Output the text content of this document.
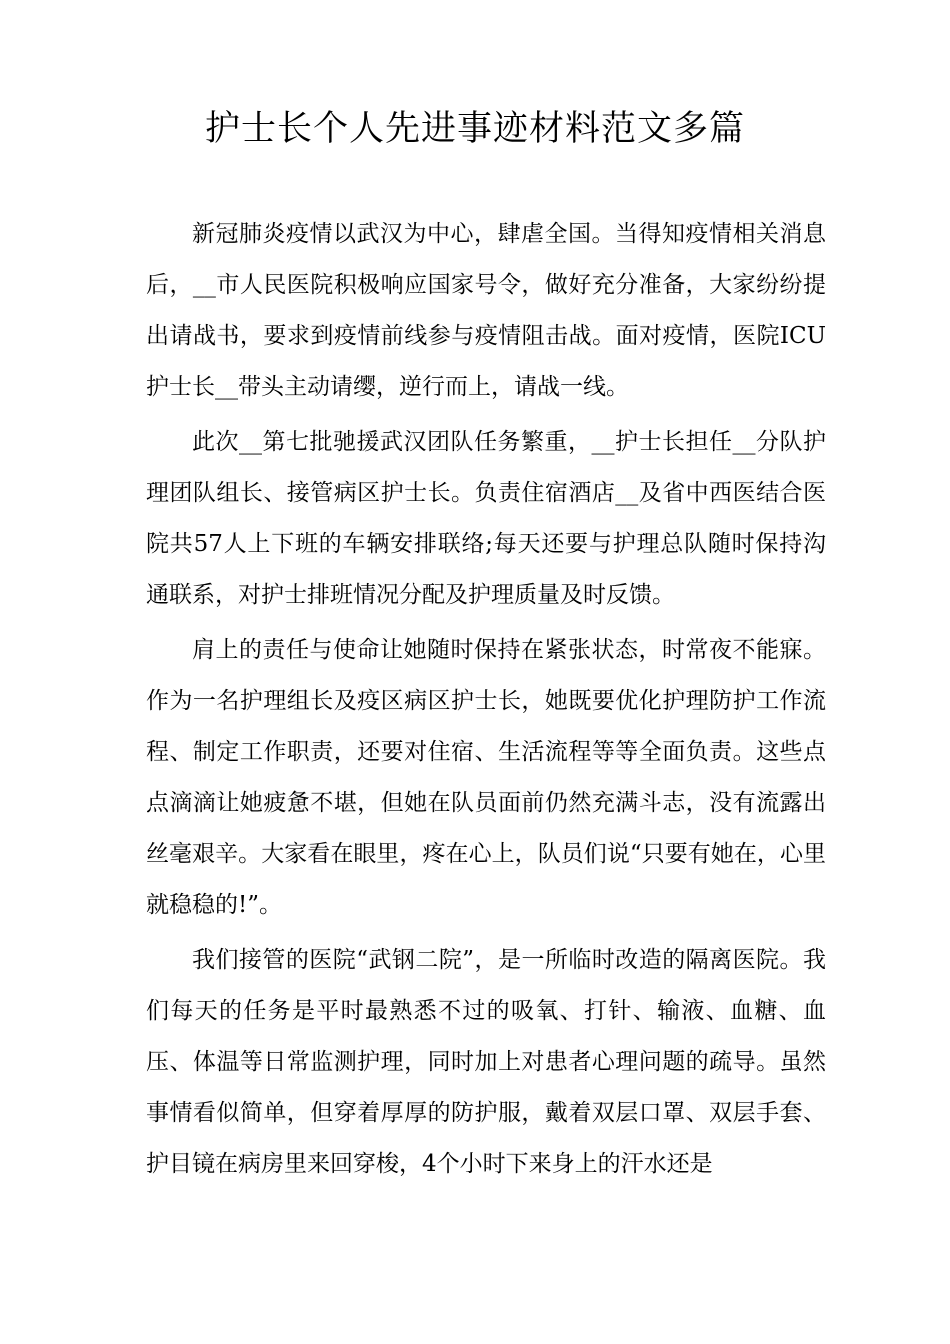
护士长个人先进事迹材料范文多篇

新冠肺炎疫情以武汉为中心，肆虐全国。当得知疫情相关消息后，__市人民医院积极响应国家号令，做好充分准备，大家纷纷提出请战书，要求到疫情前线参与疫情阻击战。面对疫情，医院ICU护士长__带头主动请缨，逆行而上，请战一线。

此次__第七批驰援武汉团队任务繁重，__护士长担任__分队护理团队组长、接管病区护士长。负责住宿酒店__及省中西医结合医院共57人上下班的车辆安排联络;每天还要与护理总队随时保持沟通联系，对护士排班情况分配及护理质量及时反馈。

肩上的责任与使命让她随时保持在紧张状态，时常夜不能寐。作为一名护理组长及疫区病区护士长，她既要优化护理防护工作流程、制定工作职责，还要对住宿、生活流程等等全面负责。这些点点滴滴让她疲惫不堪，但她在队员面前仍然充满斗志，没有流露出丝毫艰辛。大家看在眼里，疼在心上，队员们说“只要有她在，心里就稳稳的!”。

我们接管的医院“武钢二院”，是一所临时改造的隔离医院。我们每天的任务是平时最熟悉不过的吸氧、打针、输液、血糖、血压、体温等日常监测护理，同时加上对患者心理问题的疏导。虽然事情看似简单，但穿着厚厚的防护服，戴着双层口罩、双层手套、护目镜在病房里来回穿梭，4个小时下来身上的汗水还是
